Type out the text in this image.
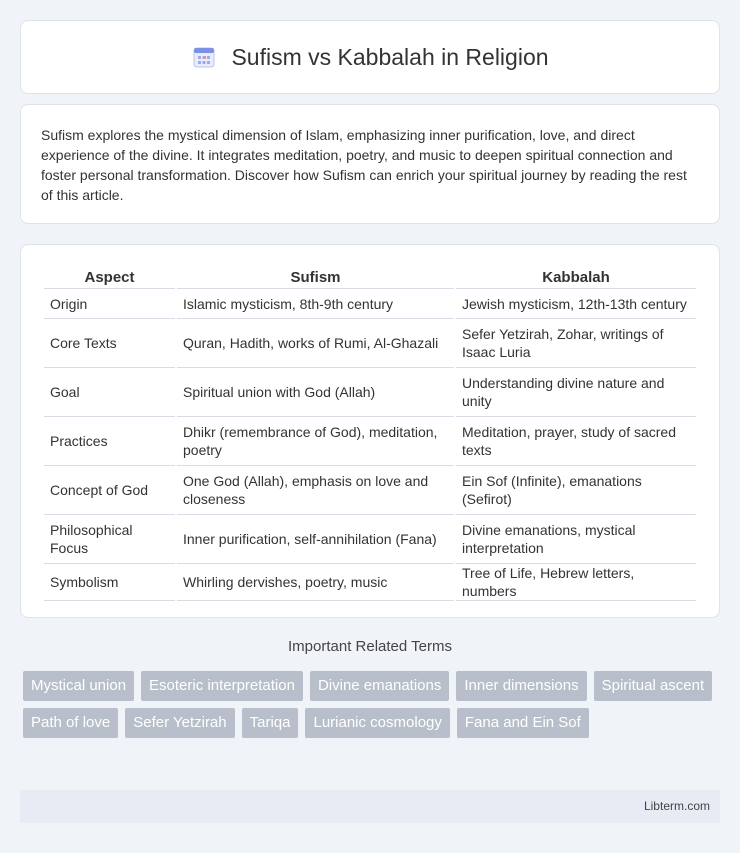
Sufism vs Kabbalah in Religion

Sufism explores the mystical dimension of Islam, emphasizing inner purification, love, and direct experience of the divine. It integrates meditation, poetry, and music to deepen spiritual connection and foster personal transformation. Discover how Sufism can enrich your spiritual journey by reading the rest of this article.

Aspect	Sufism	Kabbalah
Origin	Islamic mysticism, 8th-9th century	Jewish mysticism, 12th-13th century
Core Texts	Quran, Hadith, works of Rumi, Al-Ghazali	Sefer Yetzirah, Zohar, writings of Isaac Luria
Goal	Spiritual union with God (Allah)	Understanding divine nature and unity
Practices	Dhikr (remembrance of God), meditation, poetry	Meditation, prayer, study of sacred texts
Concept of God	One God (Allah), emphasis on love and closeness	Ein Sof (Infinite), emanations (Sefirot)
Philosophical Focus	Inner purification, self-annihilation (Fana)	Divine emanations, mystical interpretation
Symbolism	Whirling dervishes, poetry, music	Tree of Life, Hebrew letters, numbers
Important Related Terms
Mystical union	Esoteric interpretation	Divine emanations	Inner dimensions	Spiritual ascent
Path of love	Sefer Yetzirah	Tariqa	Lurianic cosmology	Fana and Ein Sof
Libterm.com
